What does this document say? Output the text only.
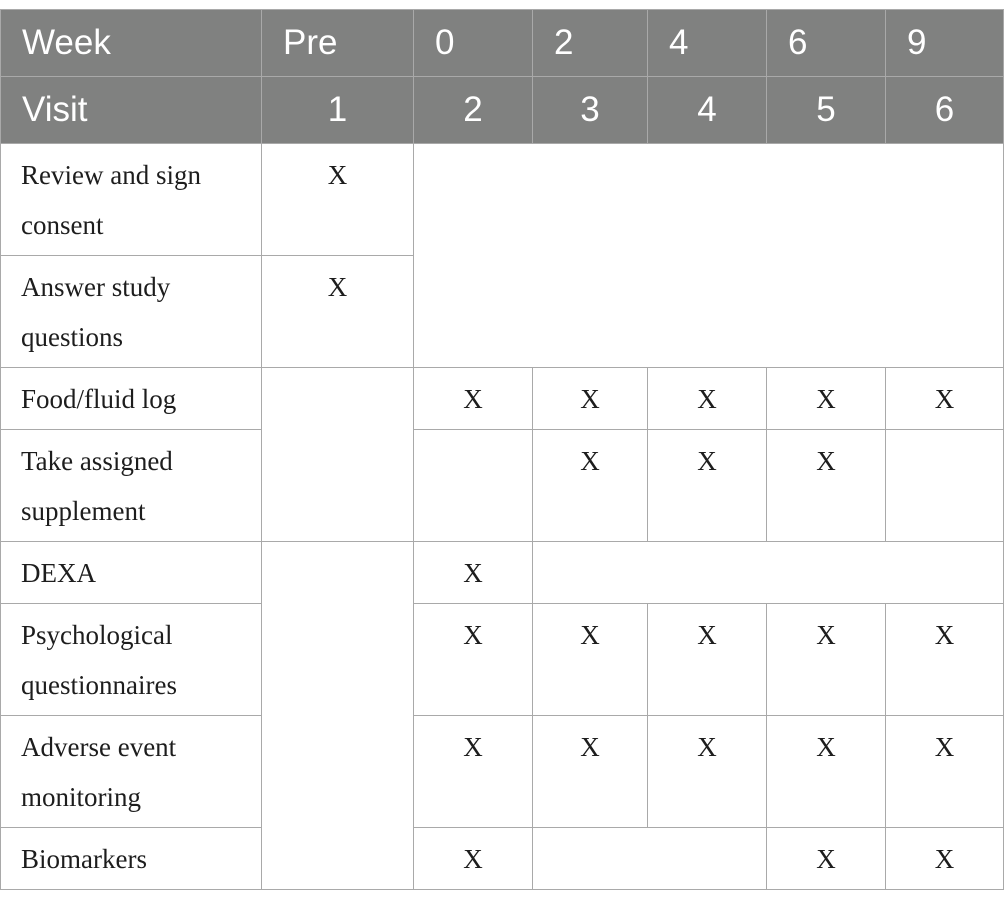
Week	Pre	0	2	4	6	9
Visit	1	2	3	4	5	6
Review and sign consent	X					
Answer study questions	X					
Food/fluid log		X	X	X	X	X
Take assigned supplement			X	X	X	
DEXA		X				
Psychological questionnaires		X	X	X	X	X
Adverse event monitoring		X	X	X	X	X
Biomarkers		X			X	X
